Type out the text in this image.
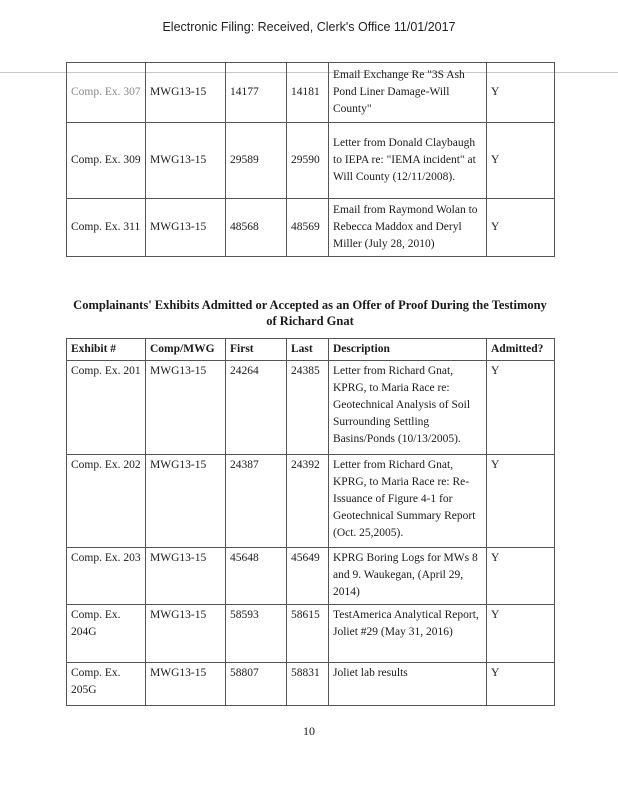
Electronic Filing: Received, Clerk's Office 11/01/2017
Comp. Ex. 307	MWG13-15	14177	14181	Email Exchange Re "3S Ash Pond Liner Damage-Will County"	Y
Comp. Ex. 309	MWG13-15	29589	29590	Letter from Donald Claybaugh to IEPA re: "IEMA incident" at Will County (12/11/2008).	Y
Comp. Ex. 311	MWG13-15	48568	48569	Email from Raymond Wolan to Rebecca Maddox and Deryl Miller (July 28, 2010)	Y
Complainants' Exhibits Admitted or Accepted as an Offer of Proof During the Testimony
of Richard Gnat
Exhibit #	Comp/MWG	First	Last	Description	Admitted?
Comp. Ex. 201	MWG13-15	24264	24385	Letter from Richard Gnat, KPRG, to Maria Race re: Geotechnical Analysis of Soil Surrounding Settling Basins/Ponds (10/13/2005).	Y
Comp. Ex. 202	MWG13-15	24387	24392	Letter from Richard Gnat, KPRG, to Maria Race re: Re-Issuance of Figure 4-1 for Geotechnical Summary Report (Oct. 25,2005).	Y
Comp. Ex. 203	MWG13-15	45648	45649	KPRG Boring Logs for MWs 8 and 9. Waukegan, (April 29, 2014)	Y
Comp. Ex. 204G	MWG13-15	58593	58615	TestAmerica Analytical Report, Joliet #29 (May 31, 2016)	Y
Comp. Ex. 205G	MWG13-15	58807	58831	Joliet lab results	Y
10
